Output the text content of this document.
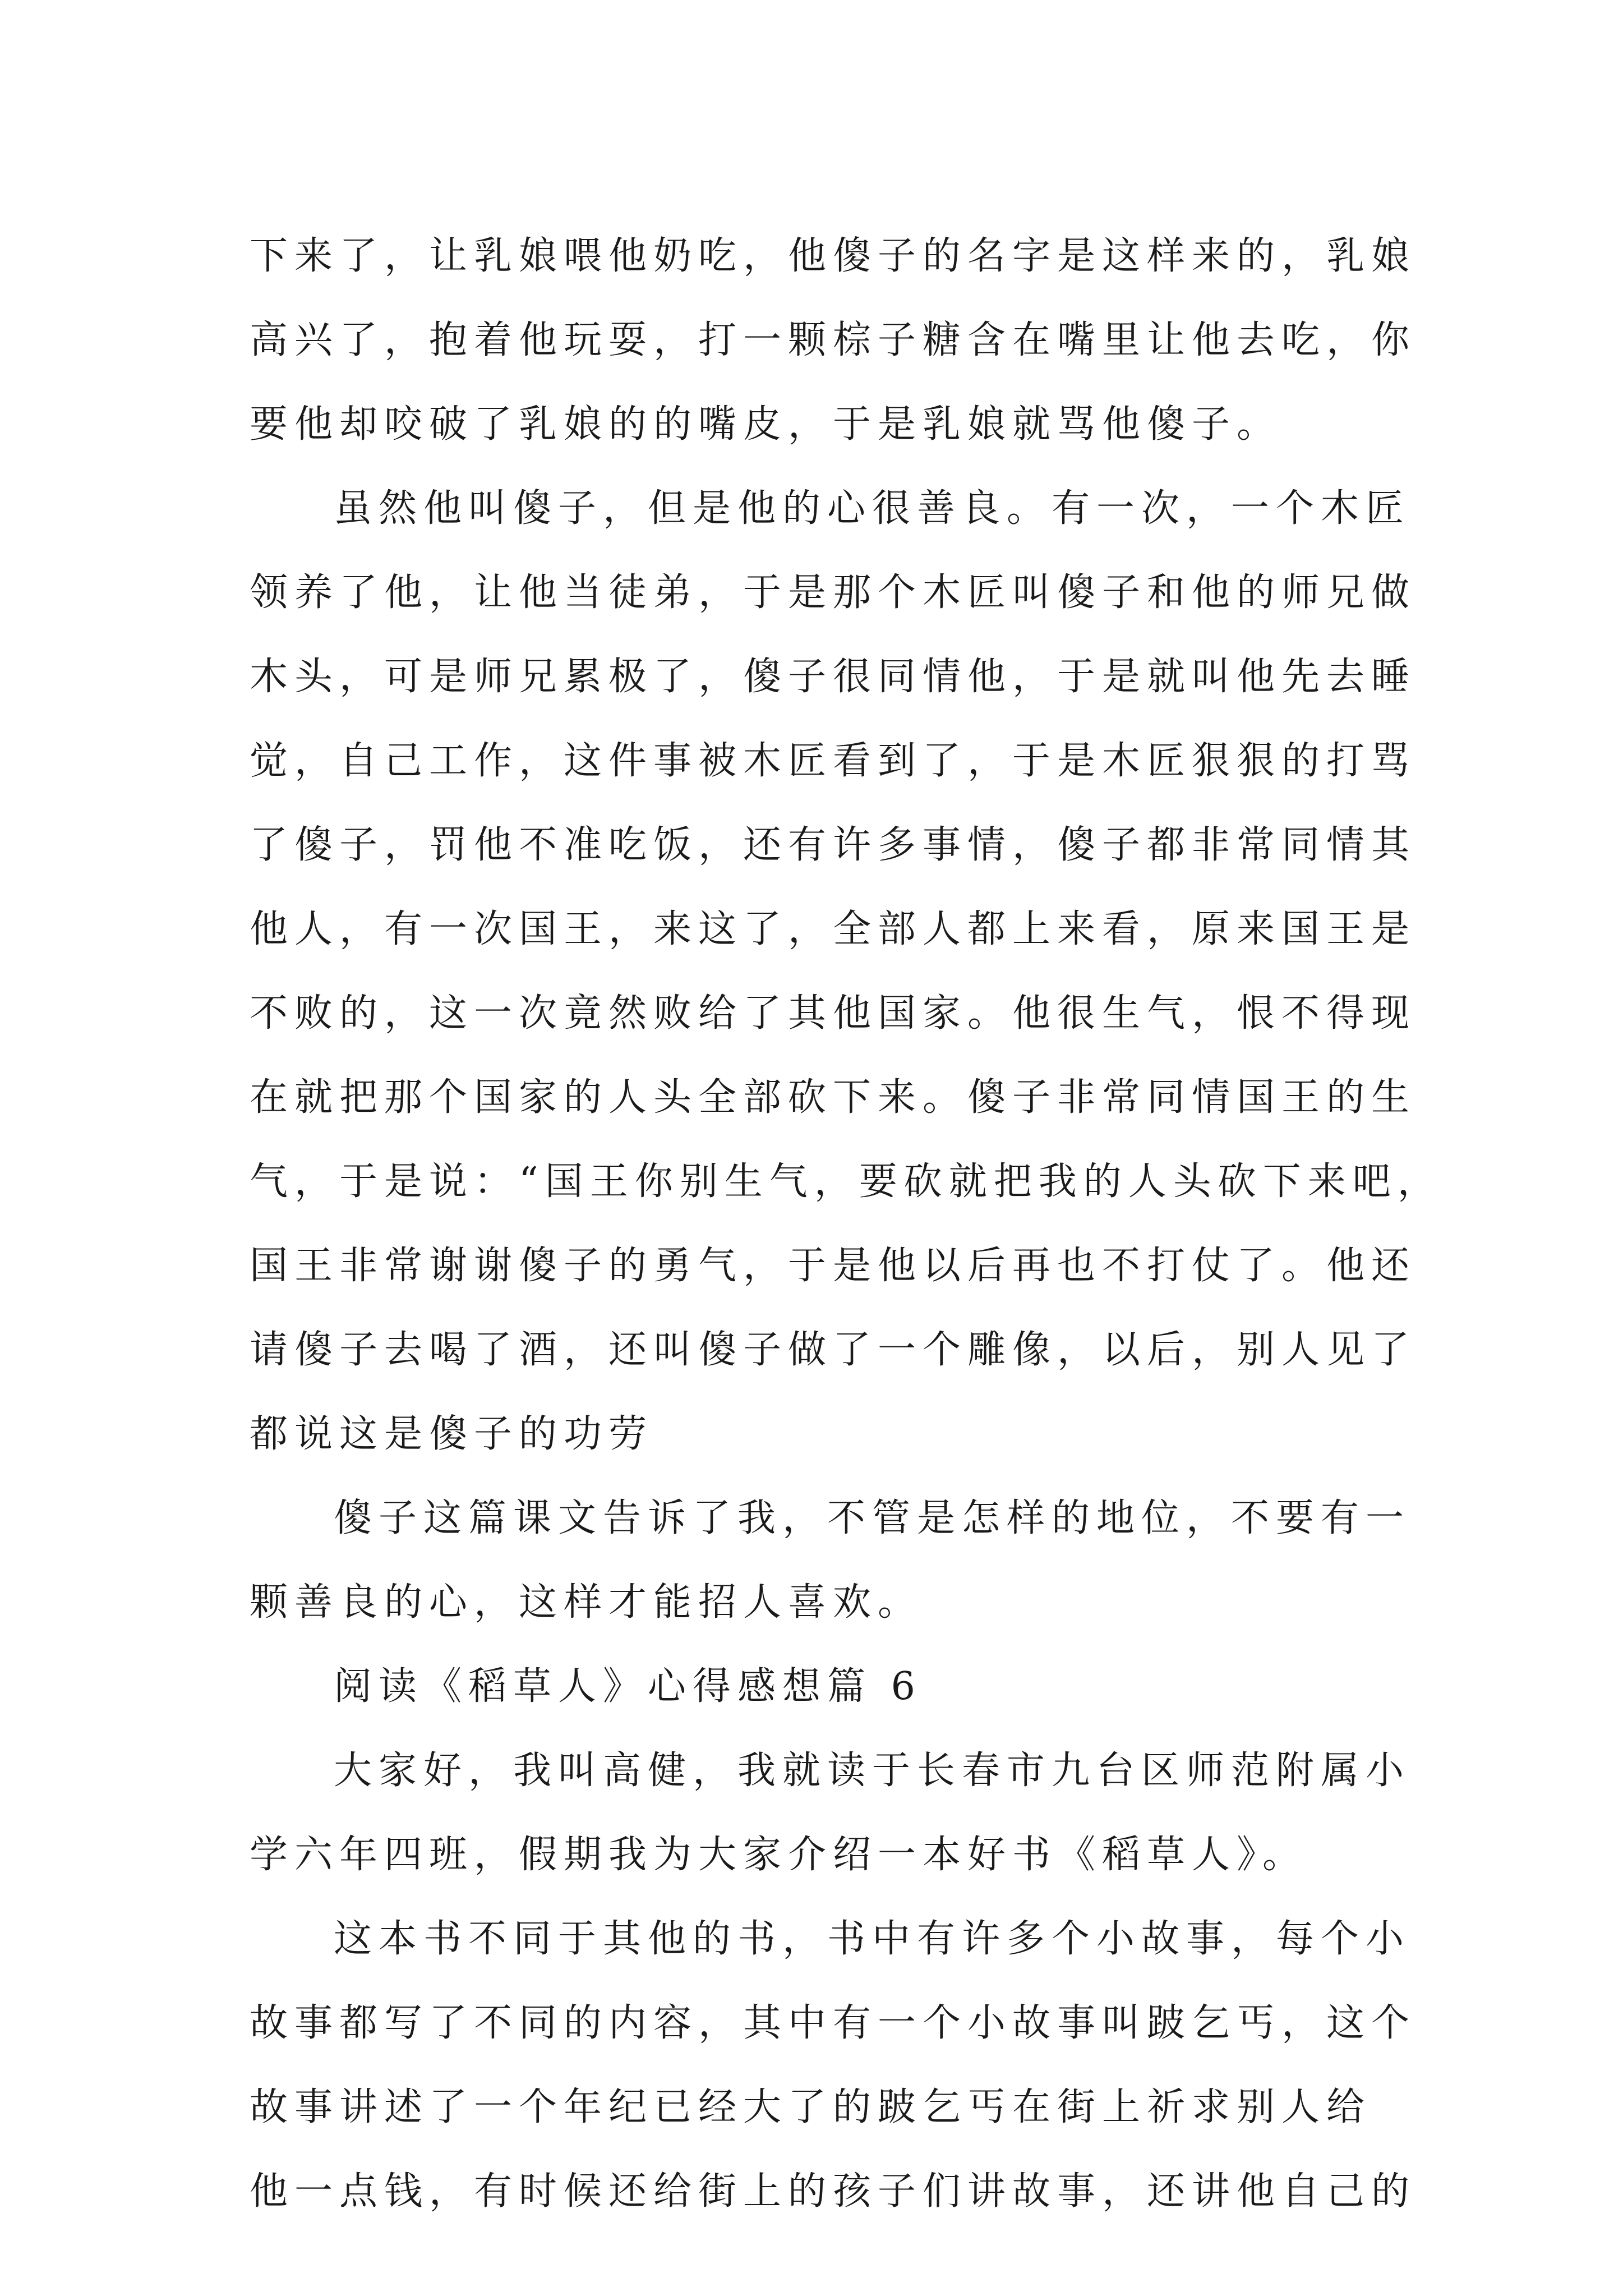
下来了，让乳娘喂他奶吃，他傻子的名字是这样来的，乳娘
高兴了，抱着他玩耍，打一颗棕子糖含在嘴里让他去吃，你
要他却咬破了乳娘的的嘴皮，于是乳娘就骂他傻子。
虽然他叫傻子，但是他的心很善良。有一次，一个木匠
领养了他，让他当徒弟，于是那个木匠叫傻子和他的师兄做
木头，可是师兄累极了，傻子很同情他，于是就叫他先去睡
觉，自己工作，这件事被木匠看到了，于是木匠狠狠的打骂
了傻子，罚他不准吃饭，还有许多事情，傻子都非常同情其
他人，有一次国王，来这了，全部人都上来看，原来国王是
不败的，这一次竟然败给了其他国家。他很生气，恨不得现
在就把那个国家的人头全部砍下来。傻子非常同情国王的生
气，于是说：“国王你别生气，要砍就把我的人头砍下来吧，
国王非常谢谢傻子的勇气，于是他以后再也不打仗了。他还
请傻子去喝了酒，还叫傻子做了一个雕像，以后，别人见了
都说这是傻子的功劳
傻子这篇课文告诉了我，不管是怎样的地位，不要有一
颗善良的心，这样才能招人喜欢。
阅读《稻草人》心得感想篇 6
大家好，我叫高健，我就读于长春市九台区师范附属小
学六年四班，假期我为大家介绍一本好书《稻草人》。
这本书不同于其他的书，书中有许多个小故事，每个小
故事都写了不同的内容，其中有一个小故事叫跛乞丐，这个
故事讲述了一个年纪已经大了的跛乞丐在街上祈求别人给
他一点钱，有时候还给街上的孩子们讲故事，还讲他自己的
